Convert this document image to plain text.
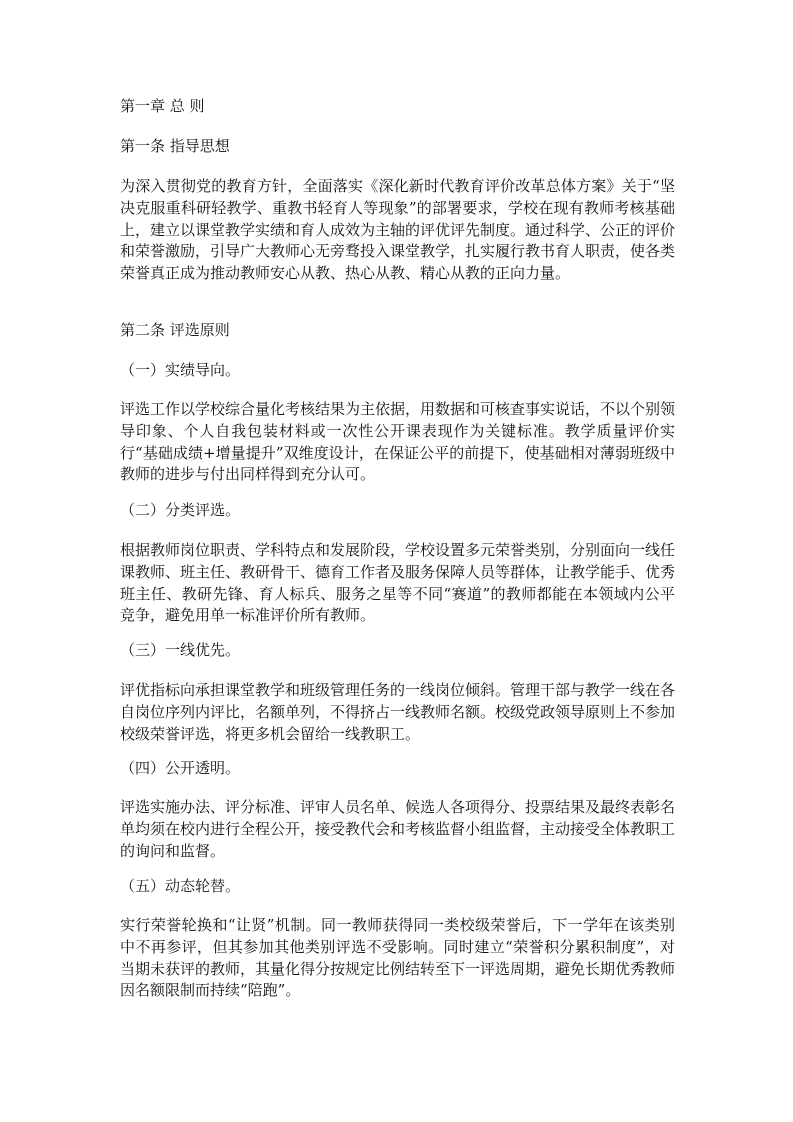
第一章 总 则
第一条 指导思想
为深入贯彻党的教育方针，全面落实《深化新时代教育评价改革总体方案》关于“坚决克服重科研轻教学、重教书轻育人等现象”的部署要求，学校在现有教师考核基础上，建立以课堂教学实绩和育人成效为主轴的评优评先制度。通过科学、公正的评价和荣誉激励，引导广大教师心无旁骛投入课堂教学，扎实履行教书育人职责，使各类荣誉真正成为推动教师安心从教、热心从教、精心从教的正向力量。
第二条 评选原则
（一）实绩导向。
评选工作以学校综合量化考核结果为主依据，用数据和可核查事实说话，不以个别领导印象、个人自我包装材料或一次性公开课表现作为关键标准。教学质量评价实行“基础成绩+增量提升”双维度设计，在保证公平的前提下，使基础相对薄弱班级中教师的进步与付出同样得到充分认可。
（二）分类评选。
根据教师岗位职责、学科特点和发展阶段，学校设置多元荣誉类别，分别面向一线任课教师、班主任、教研骨干、德育工作者及服务保障人员等群体，让教学能手、优秀班主任、教研先锋、育人标兵、服务之星等不同“赛道”的教师都能在本领域内公平竞争，避免用单一标准评价所有教师。
（三）一线优先。
评优指标向承担课堂教学和班级管理任务的一线岗位倾斜。管理干部与教学一线在各自岗位序列内评比，名额单列，不得挤占一线教师名额。校级党政领导原则上不参加校级荣誉评选，将更多机会留给一线教职工。
（四）公开透明。
评选实施办法、评分标准、评审人员名单、候选人各项得分、投票结果及最终表彰名单均须在校内进行全程公开，接受教代会和考核监督小组监督，主动接受全体教职工的询问和监督。
（五）动态轮替。
实行荣誉轮换和“让贤”机制。同一教师获得同一类校级荣誉后，下一学年在该类别中不再参评，但其参加其他类别评选不受影响。同时建立“荣誉积分累积制度”，对当期未获评的教师，其量化得分按规定比例结转至下一评选周期，避免长期优秀教师因名额限制而持续“陪跑”。
